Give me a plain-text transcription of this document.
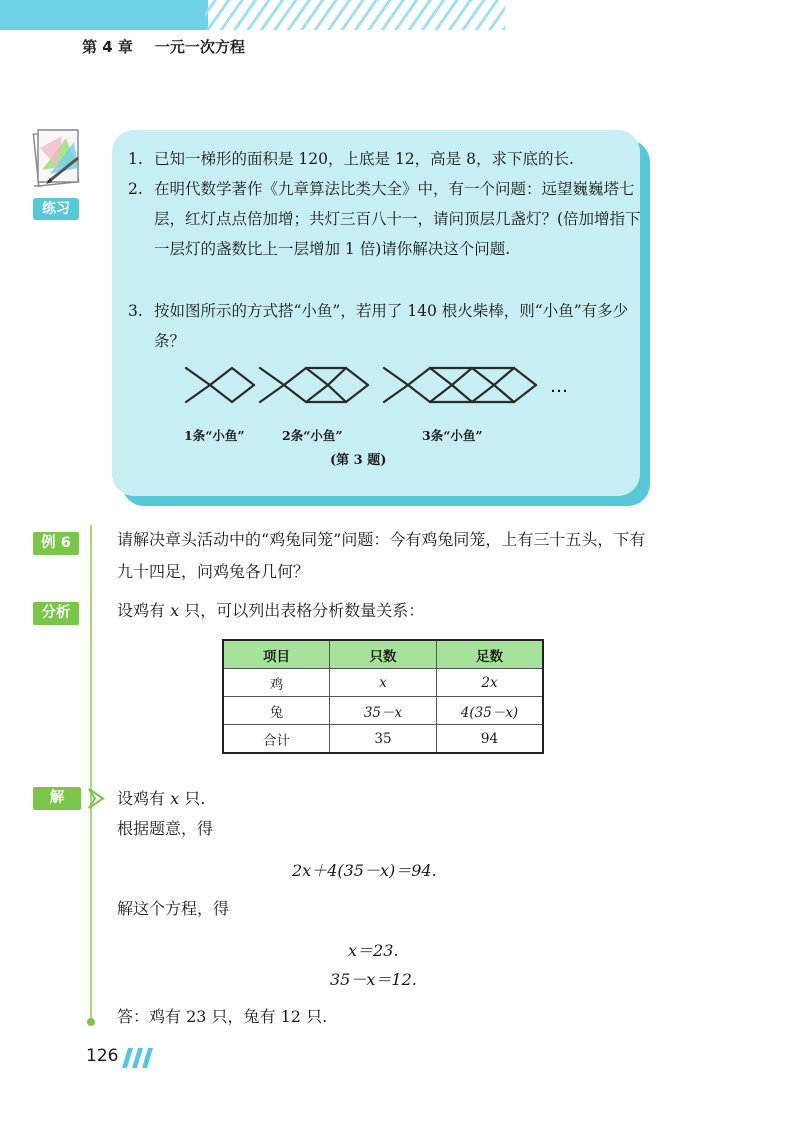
第 4 章 一元一次方程
练习
1. 已知一梯形的面积是 120，上底是 12，高是 8，求下底的长.
2. 在明代数学著作《九章算法比类大全》中，有一个问题：远望巍巍塔七层，红灯点点倍加增；共灯三百八十一，请问顶层几盏灯？(倍加增指下一层灯的盏数比上一层增加 1 倍)请你解决这个问题.
3. 按如图所示的方式搭“小鱼”，若用了 140 根火柴棒，则“小鱼”有多少条？
…
1条“小鱼”	2条“小鱼”	3条“小鱼”
(第 3 题)
例 6	请解决章头活动中的“鸡兔同笼”问题：今有鸡兔同笼，上有三十五头，下有九十四足，问鸡兔各几何？
分析	设鸡有 x 只，可以列出表格分析数量关系：
项目	只数	足数
鸡	x	2x
兔	35－x	4(35－x)
合计	35	94
解	设鸡有 x 只.
根据题意，得
2x＋4(35－x)＝94.
解这个方程，得
x＝23.
35－x＝12.
答：鸡有 23 只，兔有 12 只.
126
